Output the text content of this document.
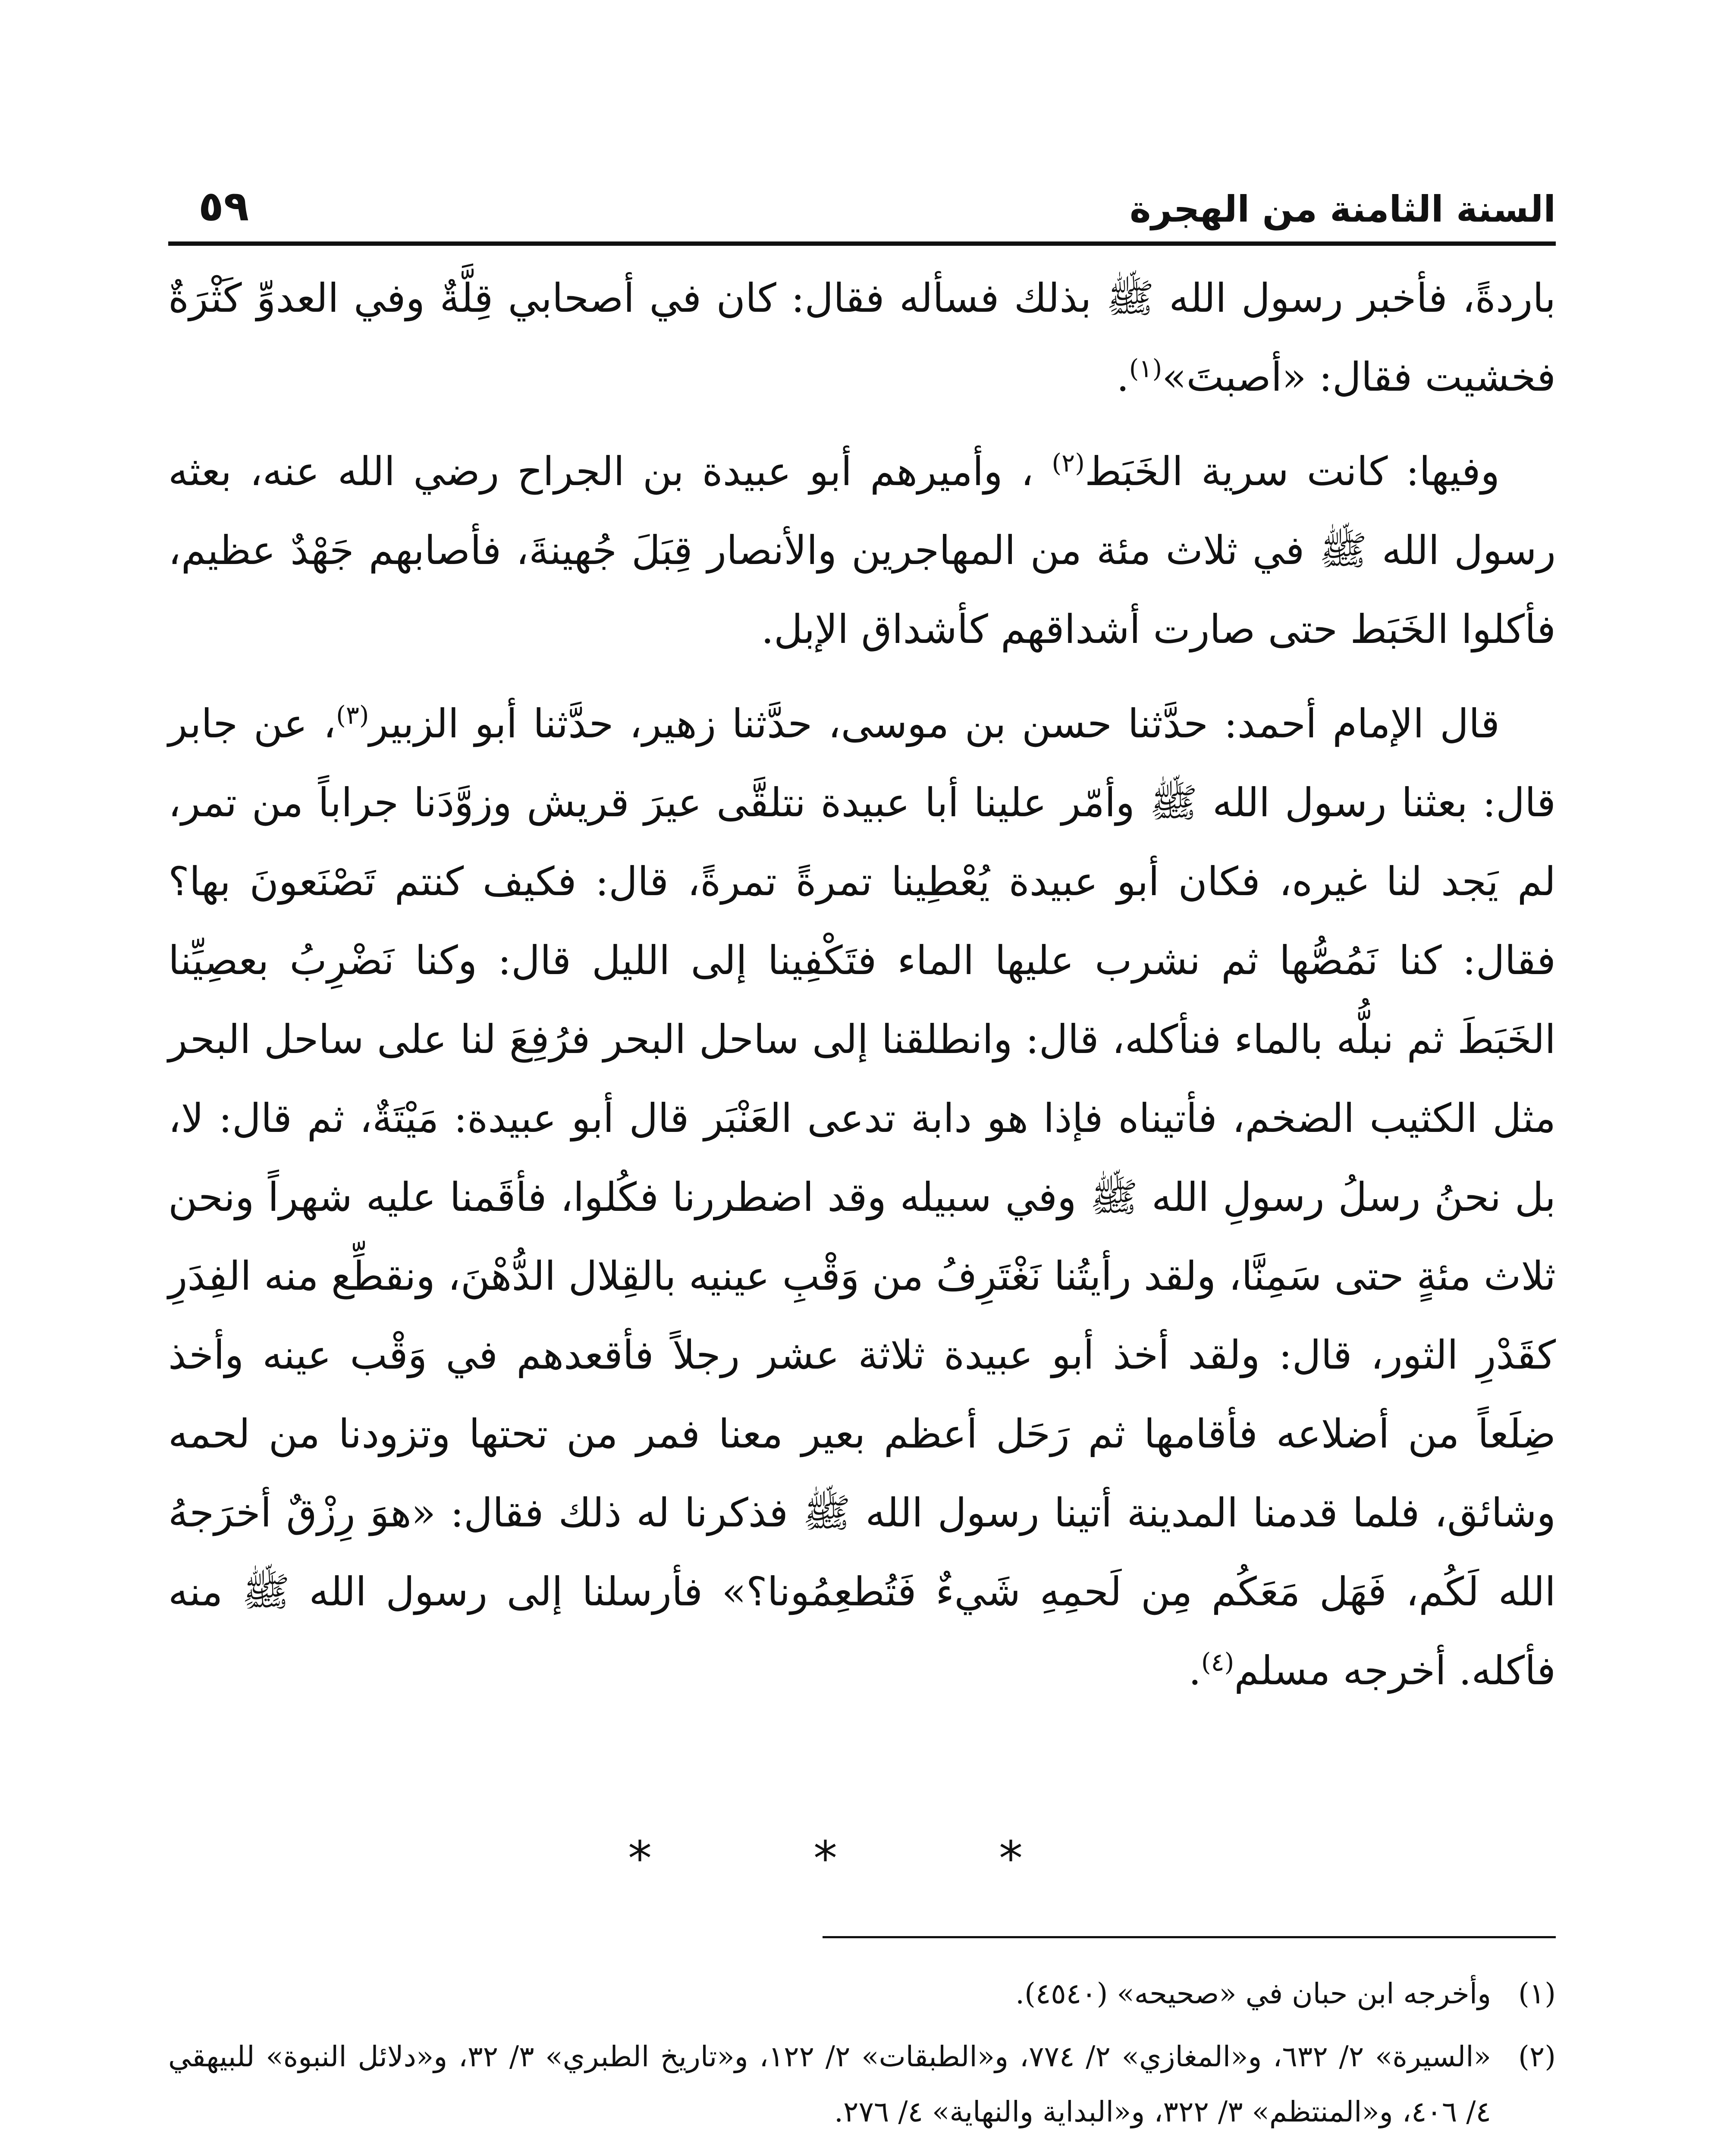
السنة الثامنة من الهجرة
٥٩

باردةً، فأخبر رسول الله ﷺ بذلك فسأله فقال: كان في أصحابي قِلَّةٌ وفي العدوِّ كَثْرَةٌ فخشيت فقال: «أصبتَ»$^{(١)}$.

وفيها: كانت سرية الخَبَط$^{(٢)}$ ، وأميرهم أبو عبيدة بن الجراح رضي الله عنه، بعثه رسول الله ﷺ في ثلاث مئة من المهاجرين والأنصار قِبَلَ جُهينةَ، فأصابهم جَهْدٌ عظيم، فأكلوا الخَبَط حتى صارت أشداقهم كأشداق الإبل.

قال الإمام أحمد: حدَّثنا حسن بن موسى، حدَّثنا زهير، حدَّثنا أبو الزبير$^{(٣)}$، عن جابر قال: بعثنا رسول الله ﷺ وأمّر علينا أبا عبيدة نتلقَّى عيرَ قريش وزوَّدَنا جراباً من تمر، لم يَجد لنا غيره، فكان أبو عبيدة يُعْطِينا تمرةً تمرةً، قال: فكيف كنتم تَصْنَعونَ بها؟ فقال: كنا نَمُصُّها ثم نشرب عليها الماء فتَكْفِينا إلى الليل قال: وكنا نَضْرِبُ بعصِيِّنا الخَبَطَ ثم نبلُّه بالماء فنأكله، قال: وانطلقنا إلى ساحل البحر فرُفِعَ لنا على ساحل البحر مثل الكثيب الضخم، فأتيناه فإذا هو دابة تدعى العَنْبَر قال أبو عبيدة: مَيْتَةٌ، ثم قال: لا، بل نحنُ رسلُ رسولِ الله ﷺ وفي سبيله وقد اضطررنا فكُلوا، فأقَمنا عليه شهراً ونحن ثلاث مئةٍ حتى سَمِنَّا، ولقد رأيتُنا نَغْتَرِفُ من وَقْبِ عينيه بالقِلال الدُّهْنَ، ونقطِّع منه الفِدَرِ كقَدْرِ الثور، قال: ولقد أخذ أبو عبيدة ثلاثة عشر رجلاً فأقعدهم في وَقْب عينه وأخذ ضِلَعاً من أضلاعه فأقامها ثم رَحَل أعظم بعير معنا فمر من تحتها وتزودنا من لحمه وشائق، فلما قدمنا المدينة أتينا رسول الله ﷺ فذكرنا له ذلك فقال: «هوَ رِزْقٌ أخرَجهُ الله لَكُم، فَهَل مَعَكُم مِن لَحمِهِ شَيءٌ فَتُطعِمُونا؟» فأرسلنا إلى رسول الله ﷺ منه فأكله. أخرجه مسلم$^{(٤)}$.

* * *
(١)
وأخرجه ابن حبان في «صحيحه» (٤٥٤٠).
(٢)
«السيرة» ٢/ ٦٣٢، و«المغازي» ٢/ ٧٧٤، و«الطبقات» ٢/ ١٢٢، و«تاريخ الطبري» ٣/ ٣٢، و«دلائل النبوة» للبيهقي ٤/ ٤٠٦، و«المنتظم» ٣/ ٣٢٢، و«البداية والنهاية» ٤/ ٢٧٦.
